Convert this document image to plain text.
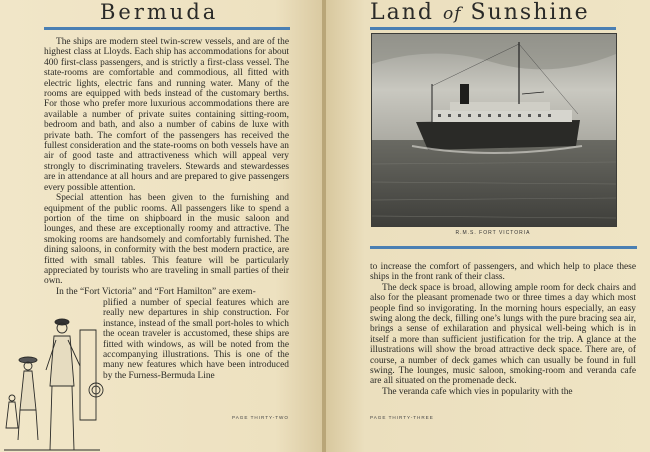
Bermuda

The ships are modern steel twin-screw vessels, and are of the highest class at Lloyds. Each ship has accommodations for about 400 first-class passengers, and is strictly a first-class vessel. The state-rooms are comfortable and commodious, all fitted with electric lights, electric fans and running water. Many of the rooms are equipped with beds instead of the customary berths. For those who prefer more luxurious accommodations there are available a number of private suites containing sitting-room, bedroom and bath, and also a number of cabins de luxe with private bath. The comfort of the passengers has received the fullest consideration and the state-rooms on both vessels have an air of good taste and attractiveness which will appeal very strongly to discriminating travelers. Stewards and stewardesses are in attendance at all hours and are prepared to give passengers every possible attention.

Special attention has been given to the furnishing and equipment of the public rooms. All passengers like to spend a portion of the time on shipboard in the music saloon and lounges, and these are exceptionally roomy and attractive. The smoking rooms are handsomely and comfortably furnished. The dining saloons, in conformity with the best modern practice, are fitted with small tables. This feature will be particularly appreciated by tourists who are traveling in small parties of their own.

In the “Fort Victoria” and “Fort Hamilton” are exem-

plified a number of special features which are really new departures in ship construction. For instance, instead of the small port-holes to which the ocean traveler is accustomed, these ships are fitted with windows, as will be noted from the accompanying illustrations. This is one of the many new features which have been introduced by the Furness-Bermuda Line

PAGE THIRTY-TWO
Land of Sunshine
R.M.S. FORT VICTORIA

to increase the comfort of passengers, and which help to place these ships in the front rank of their class.

The deck space is broad, allowing ample room for deck chairs and also for the pleasant promenade two or three times a day which most people find so invigorating. In the morning hours especially, an easy swing along the deck, filling one’s lungs with the pure bracing sea air, brings a sense of exhilaration and physical well-being which is in itself a more than sufficient justification for the trip. A glance at the illustrations will show the broad attractive deck space. There are, of course, a number of deck games which can usually be found in full swing. The lounges, music saloon, smoking-room and veranda cafe are all situated on the promenade deck.

The veranda cafe which vies in popularity with the

PAGE THIRTY-THREE
